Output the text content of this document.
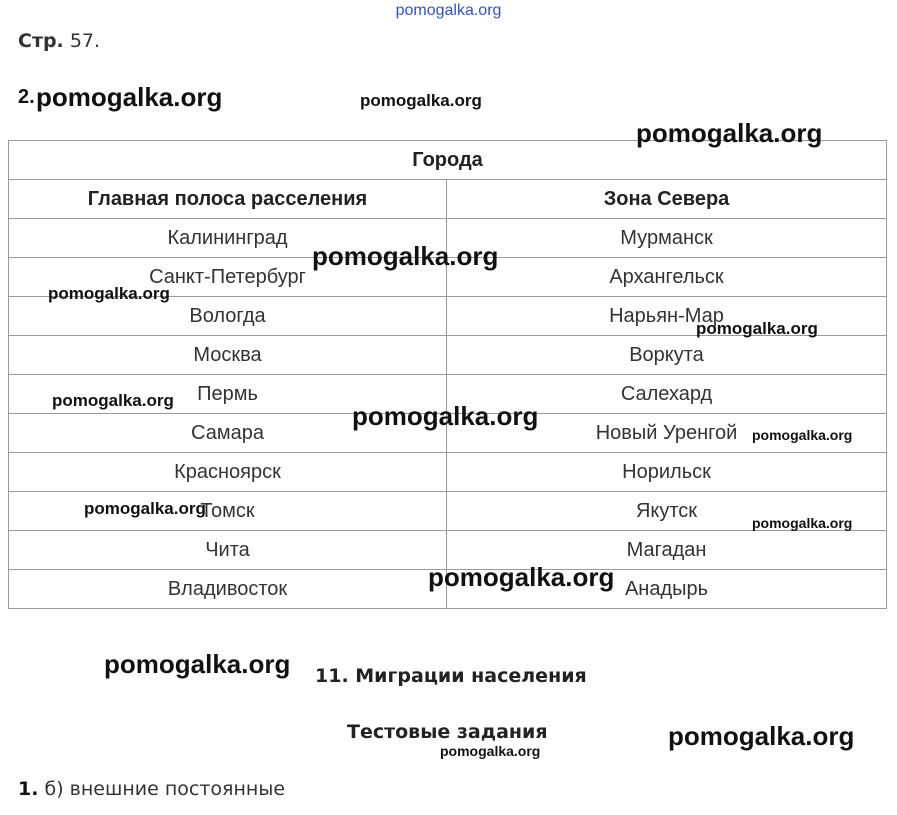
pomogalka.org
Стр. 57.
2.
Города	
Главная полоса расселения	Зона Севера
Калининград	Мурманск
Санкт-Петербург	Архангельск
Вологда	Нарьян-Мар
Москва	Воркута
Пермь	Салехард
Самара	Новый Уренгой
Красноярск	Норильск
Томск	Якутск
Чита	Магадан
Владивосток	Анадырь
11. Миграции населения
Тестовые задания
1. б) внешние постоянные
pomogalka.org	pomogalka.org
pomogalka.org
pomogalka.org
pomogalka.org
pomogalka.org
pomogalka.org
pomogalka.org
pomogalka.org
pomogalka.org
pomogalka.org
pomogalka.org
pomogalka.org
pomogalka.org
pomogalka.org
